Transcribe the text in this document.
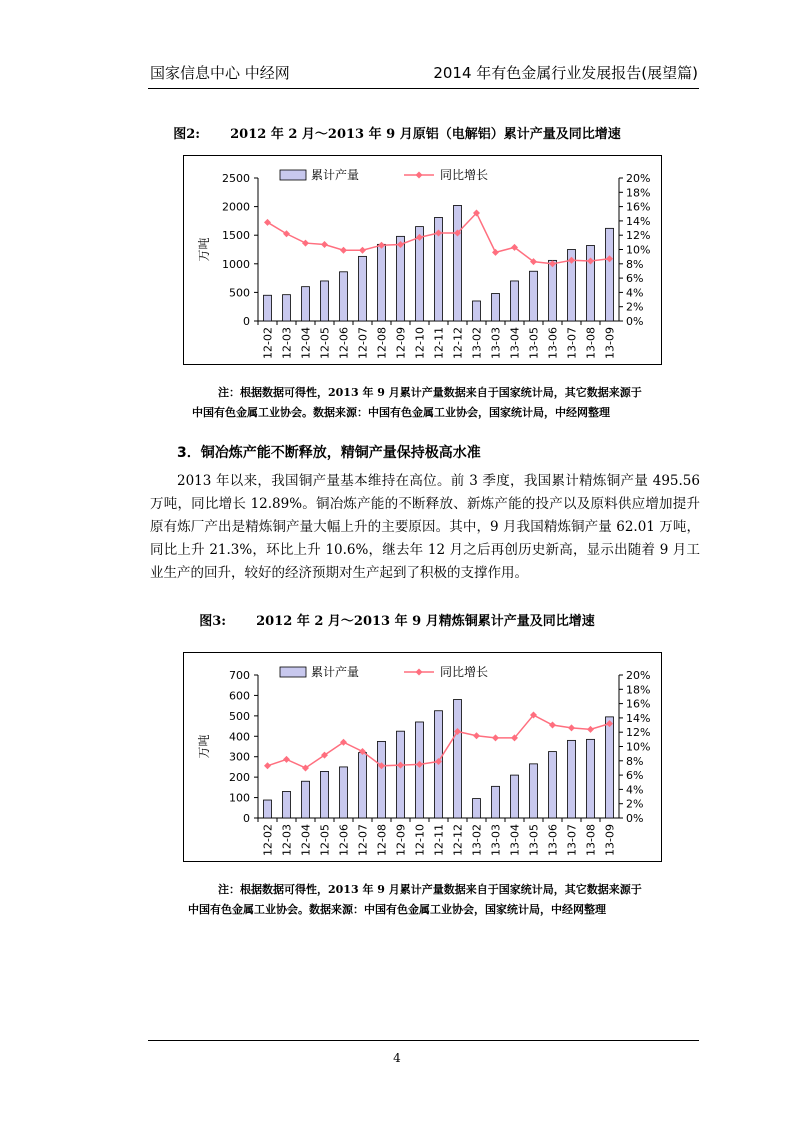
国家信息中心 中经网	2014 年有色金属行业发展报告(展望篇)
图2: 2012 年 2 月～2013 年 9 月原铝（电解铝）累计产量及同比增速
0
500
1000
1500
2000
2500
0%
2%
4%
6%
8%
10%
12%
14%
16%
18%
20%
万吨
12-02 12-03 12-04 12-05 12-06 12-07 12-08 12-09 12-10 12-11 12-12 13-02 13-03 13-04 13-05 13-06 13-07 13-08 13-09
累计产量	同比增长
注：根据数据可得性，2013 年 9 月累计产量数据来自于国家统计局，其它数据来源于
中国有色金属工业协会。数据来源：中国有色金属工业协会，国家统计局，中经网整理
3．铜冶炼产能不断释放，精铜产量保持极高水准

2013 年以来，我国铜产量基本维持在高位。前 3 季度，我国累计精炼铜产量 495.56 万吨，同比增长 12.89%。铜冶炼产能的不断释放、新炼产能的投产以及原料供应增加提升原有炼厂产出是精炼铜产量大幅上升的主要原因。其中，9 月我国精炼铜产量 62.01 万吨，同比上升 21.3%，环比上升 10.6%，继去年 12 月之后再创历史新高，显示出随着 9 月工业生产的回升，较好的经济预期对生产起到了积极的支撑作用。

图3: 2012 年 2 月～2013 年 9 月精炼铜累计产量及同比增速
0
100
200
300
400
500
600
700
0%
2%
4%
6%
8%
10%
12%
14%
16%
18%
20%
万吨
12-02 12-03 12-04 12-05 12-06 12-07 12-08 12-09 12-10 12-11 12-12 13-02 13-03 13-04 13-05 13-06 13-07 13-08 13-09
累计产量	同比增长
注：根据数据可得性，2013 年 9 月累计产量数据来自于国家统计局，其它数据来源于
中国有色金属工业协会。数据来源：中国有色金属工业协会，国家统计局，中经网整理
4
